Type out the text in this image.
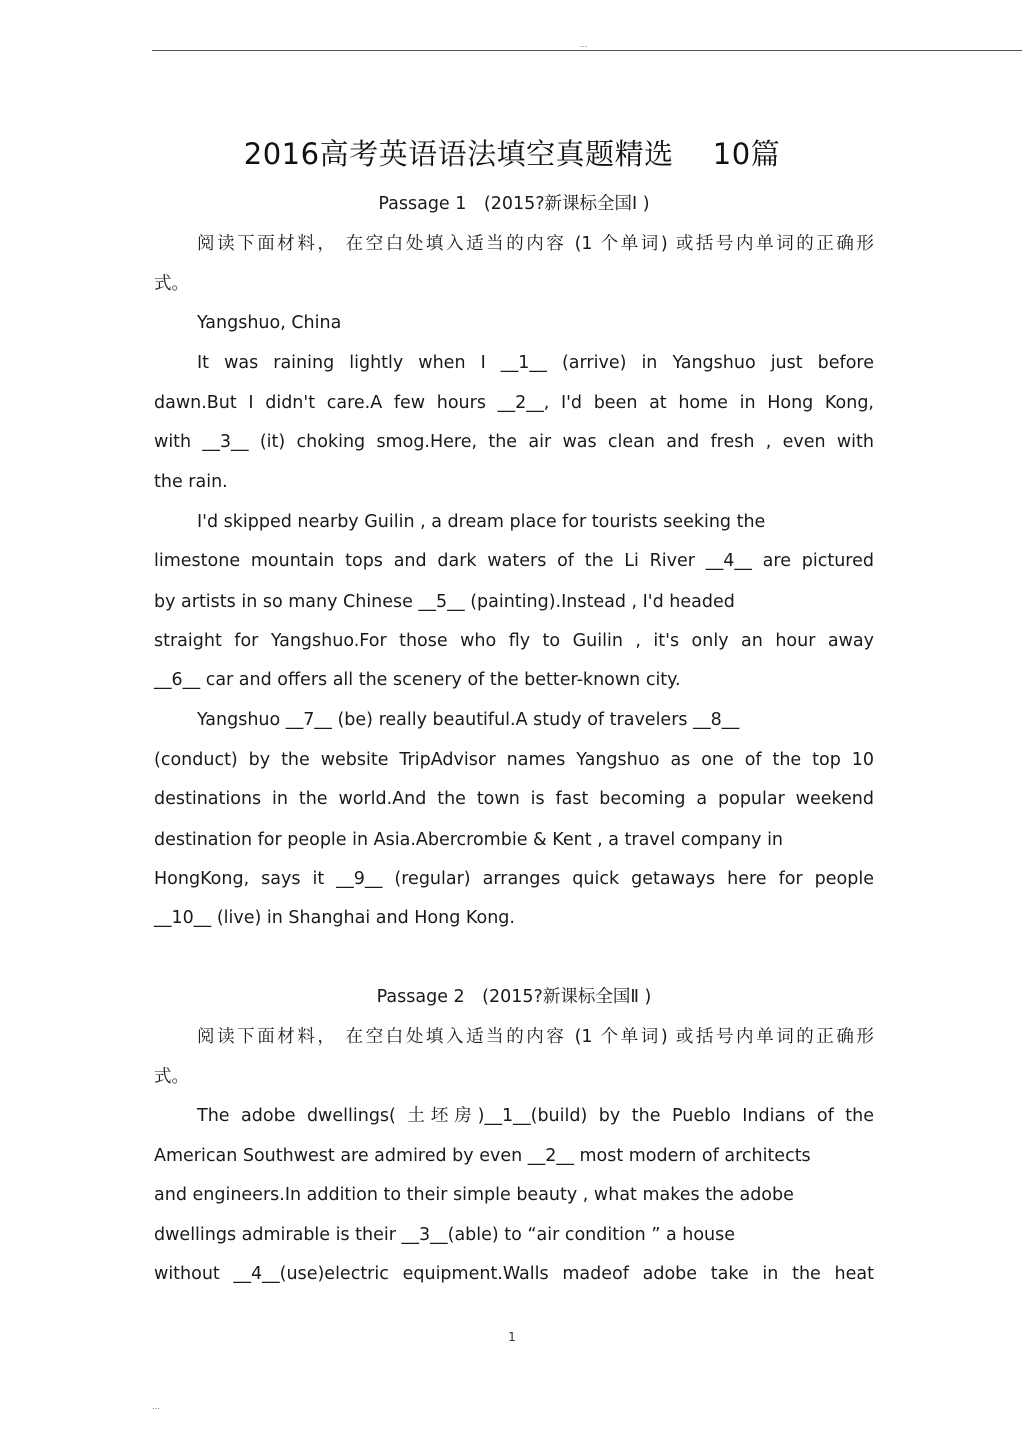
...
2016高考英语语法填空真题精选　 10篇
Passage 1　(2015?新课标全国Ⅰ )
阅读下面材料， 在空白处填入适当的内容 (1 个单词) 或括号内单词的正确形
式。
Yangshuo, China
It was raining lightly when I __1__ (arrive) in Yangshuo just before
dawn.But I didn't care.A few hours __2__, I'd been at home in Hong Kong,
with __3__ (it) choking smog.Here, the air was clean and fresh , even with
the rain.
I'd skipped nearby Guilin , a dream place for tourists seeking the
limestone mountain tops and dark waters of the Li River __4__ are pictured
by artists in so many Chinese __5__ (painting).Instead , I'd headed
straight for Yangshuo.For those who fly to Guilin , it's only an hour away
__6__ car and offers all the scenery of the better-known city.
Yangshuo __7__ (be) really beautiful.A study of travelers __8__
(conduct) by the website TripAdvisor names Yangshuo as one of the top 10
destinations in the world.And the town is fast becoming a popular weekend
destination for people in Asia.Abercrombie & Kent , a travel company in
HongKong, says it __9__ (regular) arranges quick getaways here for people
__10__ (live) in Shanghai and Hong Kong.
Passage 2　(2015?新课标全国Ⅱ )
阅读下面材料， 在空白处填入适当的内容 (1 个单词) 或括号内单词的正确形
式。
The adobe dwellings( 土坯房)__1__(build) by the Pueblo Indians of the
American Southwest are admired by even __2__ most modern of architects
and engineers.In addition to their simple beauty , what makes the adobe
dwellings admirable is their __3__(able) to “air condition ” a house
without __4__(use)electric equipment.Walls madeof adobe take in the heat
1
...
